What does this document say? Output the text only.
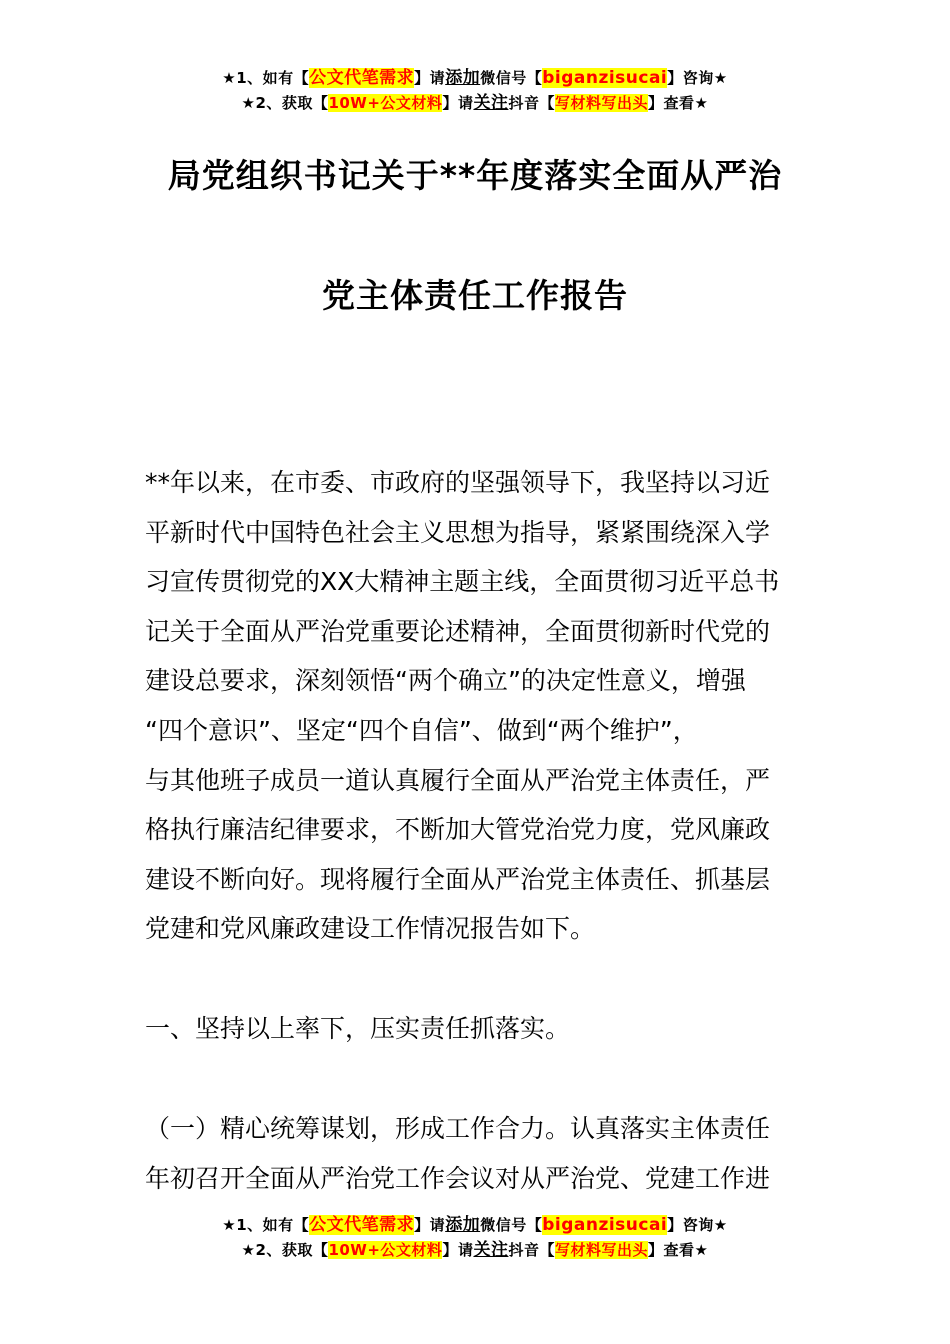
★1、如有【公文代笔需求】请添加微信号【biganzisucai】咨询★
★2、获取【10W+公文材料】请关注抖音【写材料写出头】查看★
局党组织书记关于**年度落实全面从严治
党主体责任工作报告
**年以来，在市委、市政府的坚强领导下，我坚持以习近
平新时代中国特色社会主义思想为指导，紧紧围绕深入学
习宣传贯彻党的XX大精神主题主线，全面贯彻习近平总书
记关于全面从严治党重要论述精神，全面贯彻新时代党的
建设总要求，深刻领悟“两个确立”的决定性意义，增强
“四个意识”、坚定“四个自信”、做到“两个维护”，
与其他班子成员一道认真履行全面从严治党主体责任，严
格执行廉洁纪律要求，不断加大管党治党力度，党风廉政
建设不断向好。现将履行全面从严治党主体责任、抓基层
党建和党风廉政建设工作情况报告如下。
一、坚持以上率下，压实责任抓落实。
（一）精心统筹谋划，形成工作合力。认真落实主体责任
年初召开全面从严治党工作会议对从严治党、党建工作进
★1、如有【公文代笔需求】请添加微信号【biganzisucai】咨询★
★2、获取【10W+公文材料】请关注抖音【写材料写出头】查看★
